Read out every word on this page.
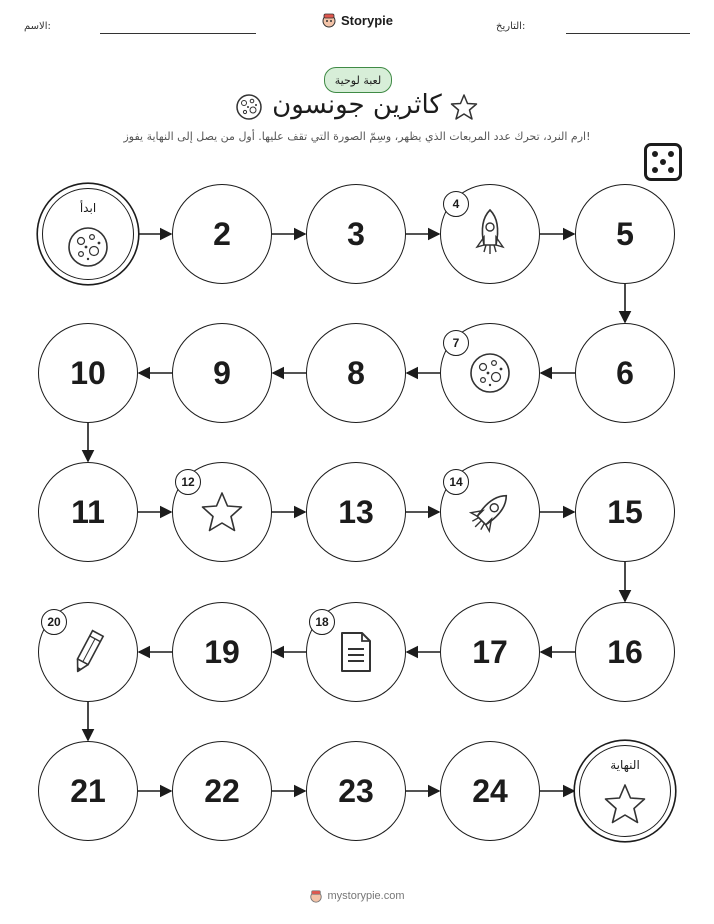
الاسم:	التاريخ:
Storypie
لعبة لوحية
كاثرين جونسون
ارم النرد، تحرك عدد المربعات الذي يظهر، وسِمّ الصورة التي تقف عليها. أول من يصل إلى النهاية يفوز!
ابدأ
2	3
4
5
6
7
8
9
10
11
12
13
14
15
16
17
18
19
20
21	22	23	24
النهاية
mystorypie.com
